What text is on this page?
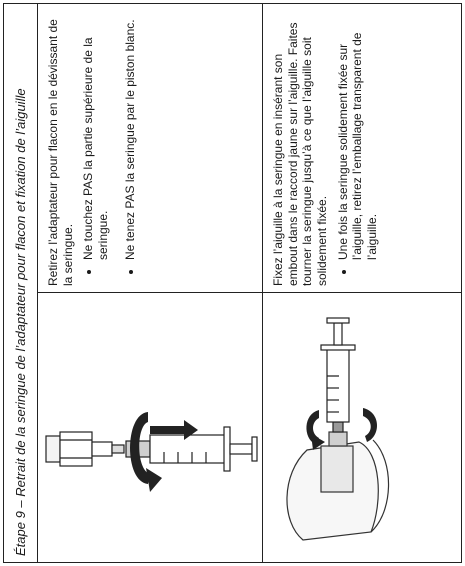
Étape 9 – Retrait de la seringue de l’adaptateur pour flacon et fixation de l’aiguille Retirez l’adaptateur pour flacon en le dévissant de la seringue. • Ne touchez PAS la partie supérieure de la seringue. • Ne tenez PAS la seringue par le piston blanc.	Fixez l’aiguille à la seringue en insérant son embout dans le raccord jaune sur l’aiguille. Faites tourner la seringue jusqu’à ce que l’aiguille soit solidement fixée. • Une fois la seringue solidement fixée sur l’aiguille, retirez l’emballage transparent de l’aiguille.
